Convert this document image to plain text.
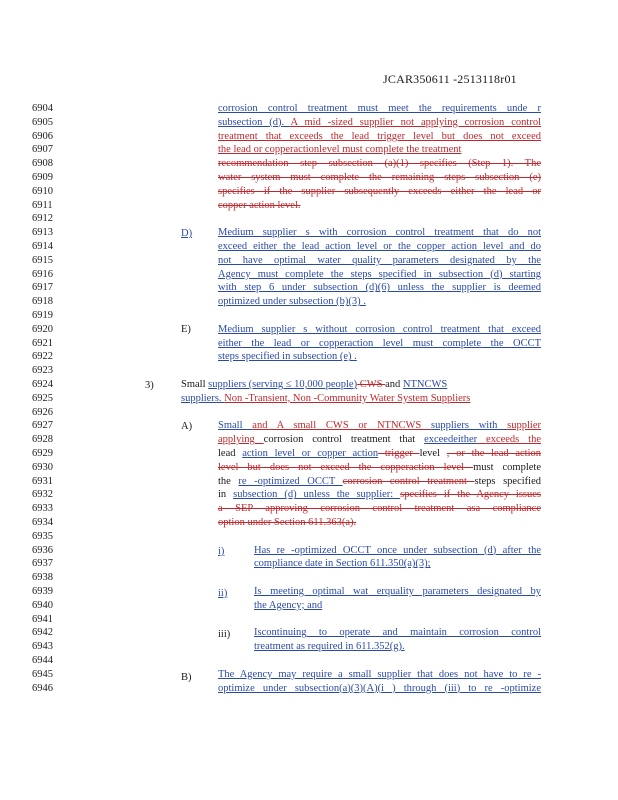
JCAR350611 -2513118r01
6904
6905
6906
6907
6908
6909
6910
6911
6912
6913
6914
6915
6916
6917
6918
6919
6920
6921
6922
6923
6924
6925
6926
6927
6928
6929
6930
6931
6932
6933
6934
6935
6936
6937
6938
6939
6940
6941
6942
6943
6944
6945
6946
corrosion control treatment must meet the requirements unde r
subsection (d). A mid -sized supplier not applying corrosion control
treatment that exceeds the lead trigger level but does not exceed
the lead or copperactionlevel must complete the treatment
recommendation step subsection (a)(1) specifies (Step 1). The
water system must complete the remaining steps subsection (e)
specifies if the supplier subsequently exceeds either the lead or
copper action level.
Medium supplier s with corrosion control treatment that do not
exceed either the lead action level or the copper action level and do
not have optimal water quality parameters designated by the
Agency must complete the steps specified in subsection (d) starting
with step 6 under subsection (d)(6) unless the supplier is deemed
optimized under subsection (b)(3) .
Medium supplier s without corrosion control treatment that exceed
either the lead or copperaction level must complete the OCCT
steps specified in subsection (e) .
Small suppliers (serving ≤ 10,000 people) CWS and NTNCWS
suppliers. Non -Transient, Non -Community Water System Suppliers
Small and A small CWS or NTNCWS suppliers with supplier
applying corrosion control treatment that exceedeither exceeds the
lead action level or copper action trigger level , or the lead action
level but does not exceed the copperaction level must complete
the re -optimized OCCT corrosion control treatment steps specified
in subsection (d) unless the supplier: specifies if the Agency issues
a SEP approving corrosion control treatment asa compliance
option under Section 611.363(a).
Has re -optimized OCCT once under subsection (d) after the
compliance date in Section 611.350(a)(3);
Is meeting optimal wat erquality parameters designated by
the Agency; and
Iscontinuing to operate and maintain corrosion control
treatment as required in 611.352(g).
The Agency may require a small supplier that does not have to re -
optimize under subsection(a)(3)(A)(i ) through (iii) to re -optimize
D)
E)
3)
A)
i)
ii)
iii)
B)
